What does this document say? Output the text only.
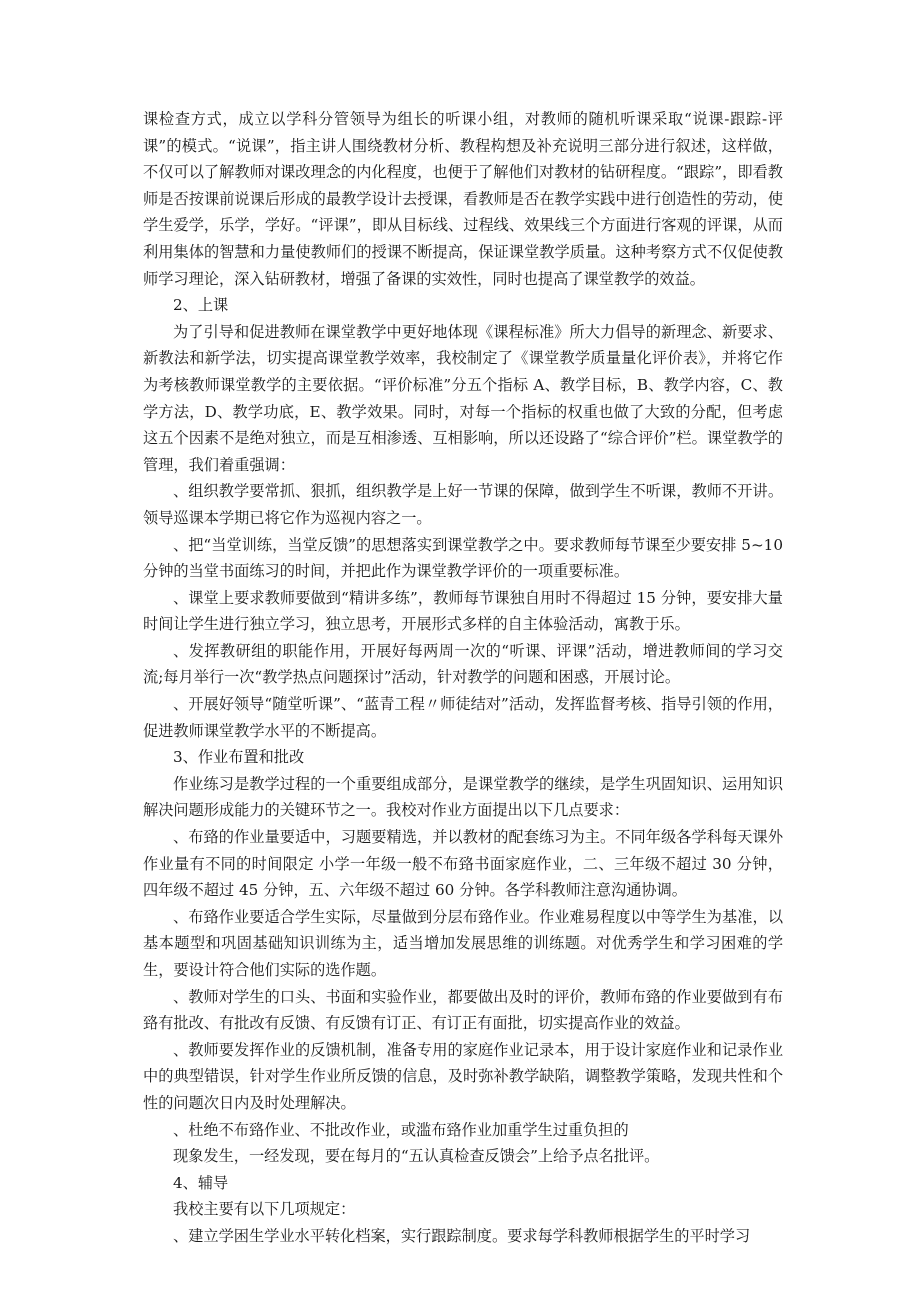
课检查方式，成立以学科分管领导为组长的听课小组，对教师的随机听课采取“说课-跟踪-评课”的模式。“说课”，指主讲人围绕教材分析、教程构想及补充说明三部分进行叙述，这样做，不仅可以了解教师对课改理念的内化程度，也便于了解他们对教材的钻研程度。“跟踪”，即看教师是否按课前说课后形成的最教学设计去授课，看教师是否在教学实践中进行创造性的劳动，使学生爱学，乐学，学好。“评课”，即从目标线、过程线、效果线三个方面进行客观的评课，从而利用集体的智慧和力量使教师们的授课不断提高，保证课堂教学质量。这种考察方式不仅促使教师学习理论，深入钻研教材，增强了备课的实效性，同时也提高了课堂教学的效益。

2、上课

为了引导和促进教师在课堂教学中更好地体现《课程标准》所大力倡导的新理念、新要求、新教法和新学法，切实提高课堂教学效率，我校制定了《课堂教学质量量化评价表》，并将它作为考核教师课堂教学的主要依据。“评价标准”分五个指标 A、教学目标，B、教学内容，C、教学方法，D、教学功底，E、教学效果。同时，对每一个指标的权重也做了大致的分配，但考虑这五个因素不是绝对独立，而是互相渗透、互相影响，所以还设路了“综合评价”栏。课堂教学的管理，我们着重强调：

、组织教学要常抓、狠抓，组织教学是上好一节课的保障，做到学生不听课，教师不开讲。领导巡课本学期已将它作为巡视内容之一。

、把“当堂训练，当堂反馈”的思想落实到课堂教学之中。要求教师每节课至少要安排 5~10 分钟的当堂书面练习的时间，并把此作为课堂教学评价的一项重要标准。

、课堂上要求教师要做到“精讲多练”，教师每节课独自用时不得超过 15 分钟，要安排大量时间让学生进行独立学习，独立思考，开展形式多样的自主体验活动，寓教于乐。

、发挥教研组的职能作用，开展好每两周一次的“听课、评课”活动，增进教师间的学习交流;每月举行一次“教学热点问题探讨”活动，针对教学的问题和困惑，开展讨论。

、开展好领导“随堂听课”、“蓝青工程〃师徒结对”活动，发挥监督考核、指导引领的作用，促进教师课堂教学水平的不断提高。

3、作业布置和批改

作业练习是教学过程的一个重要组成部分，是课堂教学的继续，是学生巩固知识、运用知识解决问题形成能力的关键环节之一。我校对作业方面提出以下几点要求：

、布臵的作业量要适中，习题要精选，并以教材的配套练习为主。不同年级各学科每天课外作业量有不同的时间限定 小学一年级一般不布臵书面家庭作业，二、三年级不超过 30 分钟，四年级不超过 45 分钟，五、六年级不超过 60 分钟。各学科教师注意沟通协调。

、布臵作业要适合学生实际，尽量做到分层布臵作业。作业难易程度以中等学生为基准，以基本题型和巩固基础知识训练为主，适当增加发展思维的训练题。对优秀学生和学习困难的学生，要设计符合他们实际的选作题。

、教师对学生的口头、书面和实验作业，都要做出及时的评价，教师布臵的作业要做到有布臵有批改、有批改有反馈、有反馈有订正、有订正有面批，切实提高作业的效益。

、教师要发挥作业的反馈机制，准备专用的家庭作业记录本，用于设计家庭作业和记录作业中的典型错误，针对学生作业所反馈的信息，及时弥补教学缺陷，调整教学策略，发现共性和个性的问题次日内及时处理解决。

、杜绝不布臵作业、不批改作业，或滥布臵作业加重学生过重负担的

现象发生，一经发现，要在每月的“五认真检查反馈会”上给予点名批评。

4、辅导

我校主要有以下几项规定：

、建立学困生学业水平转化档案，实行跟踪制度。要求每学科教师根据学生的平时学习
